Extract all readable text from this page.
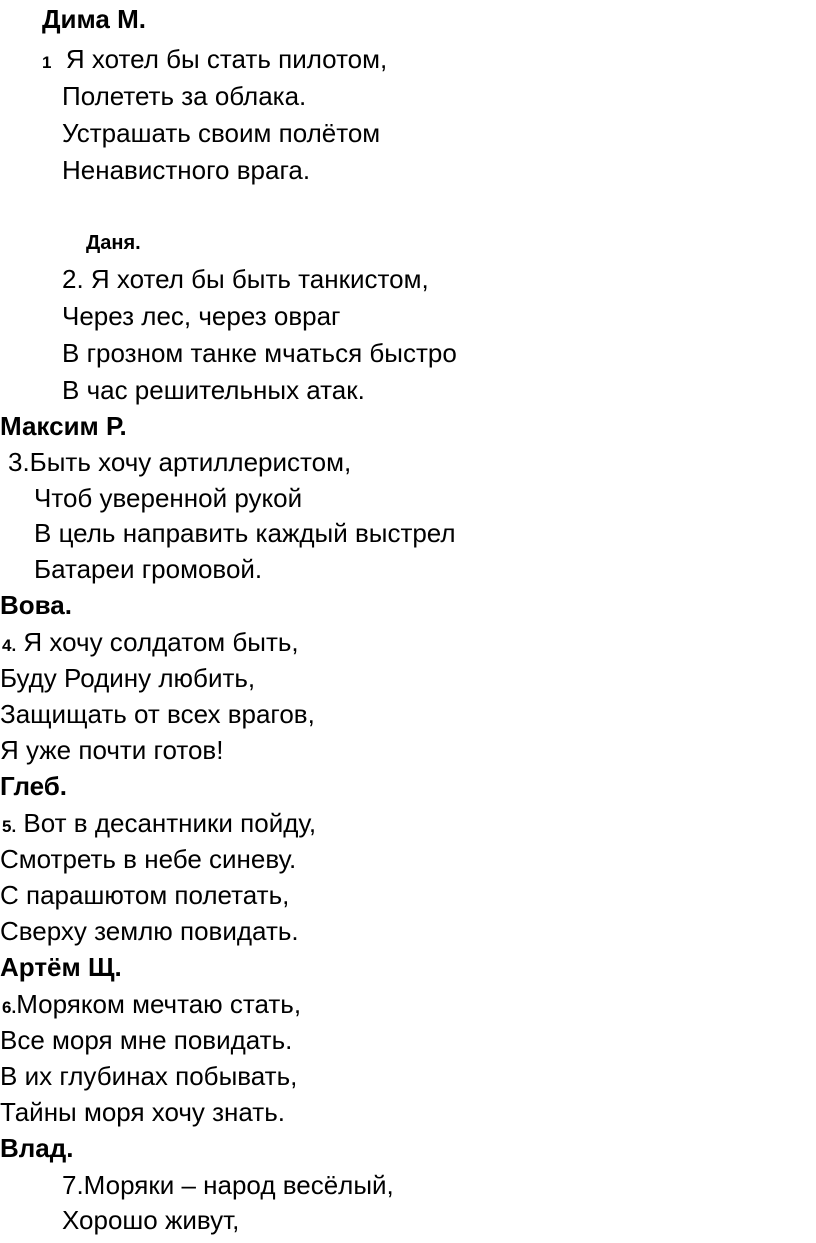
Дима М.
1 Я хотел бы стать пилотом,
Полететь за облака.
Устрашать своим полётом
Ненавистного врага.
Даня.
2. Я хотел бы быть танкистом,
Через лес, через овраг
В грозном танке мчаться быстро
В час решительных атак.
Максим Р.
3.Быть хочу артиллеристом,
Чтоб уверенной рукой
В цель направить каждый выстрел
Батареи громовой.
Вова.
4. Я хочу солдатом быть,
Буду Родину любить,
Защищать от всех врагов,
Я уже почти готов!
Глеб.
5. Вот в десантники пойду,
Смотреть в небе синеву.
С парашютом полетать,
Сверху землю повидать.
Артём Щ.
6.Моряком мечтаю стать,
Все моря мне повидать.
В их глубинах побывать,
Тайны моря хочу знать.
Влад.
7.Моряки – народ весёлый,
Хорошо живут,
